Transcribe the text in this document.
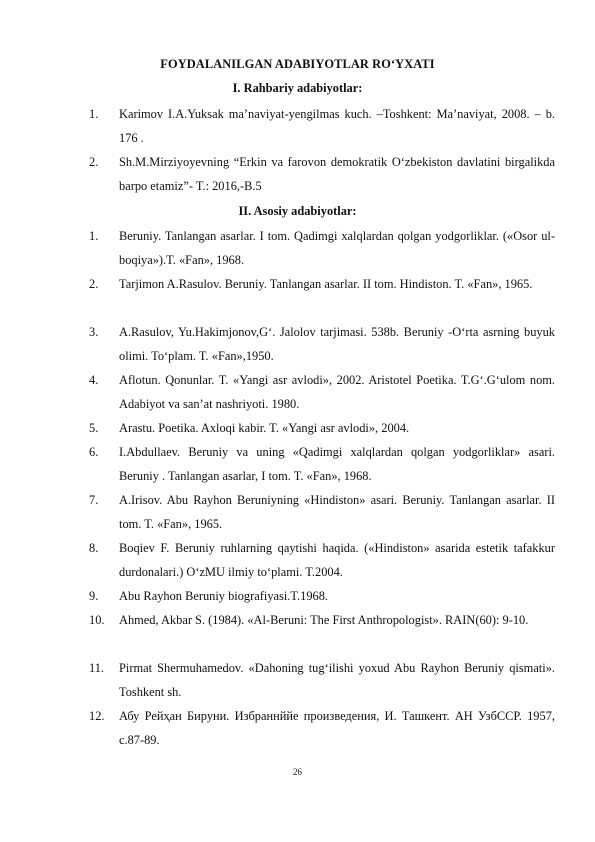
FOYDALANILGAN ADABIYOTLAR RO‘YXATI
I. Rahbariy adabiyotlar:
1. Karimov I.A.Yuksak ma’naviyat-yengilmas kuch. –Toshkent: Ma’naviyat, 2008. – b. 176 .
2. Sh.M.Mirziyoyevning “Erkin va farovon demokratik O‘zbekiston davlatini birgalikda barpo etamiz”- T.: 2016,-B.5
II. Asosiy adabiyotlar:
1. Beruniy. Tanlangan asarlar. I tom. Qadimgi xalqlardan qolgan yodgorliklar. («Osor ul-boqiya»).T. «Fan», 1968.
2. Tarjimon A.Rasulov. Beruniy. Tanlangan asarlar. II tom. Hindiston. T. «Fan», 1965.
3. A.Rasulov, Yu.Hakimjonov,G‘. Jalolov tarjimasi. 538b. Beruniy -O‘rta asrning buyuk olimi. To‘plam. T. «Fan»,1950.
4. Aflotun. Qonunlar. T. «Yangi asr avlodi», 2002. Aristotel Poetika. T.G‘.G‘ulom nom. Adabiyot va san’at nashriyoti. 1980.
5. Arastu. Poetika. Axloqi kabir. T. «Yangi asr avlodi», 2004.
6. I.Abdullaev. Beruniy va uning «Qadimgi xalqlardan qolgan yodgorliklar» asari. Beruniy . Tanlangan asarlar, I tom. T. «Fan», 1968.
7. A.Irisov. Abu Rayhon Beruniyning «Hindiston» asari. Beruniy. Tanlangan asarlar. II tom. T. «Fan», 1965.
8. Boqiev F. Beruniy ruhlarning qaytishi haqida. («Hindiston» asarida estetik tafakkur durdonalari.) O‘zMU ilmiy to‘plami. T.2004.
9. Abu Rayhon Beruniy biografiyasi.T.1968.
10. Ahmed, Akbar S. (1984). «Al-Beruni: The First Anthropologist». RAIN(60): 9-10.
11. Pirmat Shermuhamedov. «Dahoning tug‘ilishi yoxud Abu Rayhon Beruniy qismati». Toshkent sh.
12. Абу Рейҳан Бируни. Избраннййе произведения, И. Ташкент. АН УзбССР. 1957, с.87-89.
26
